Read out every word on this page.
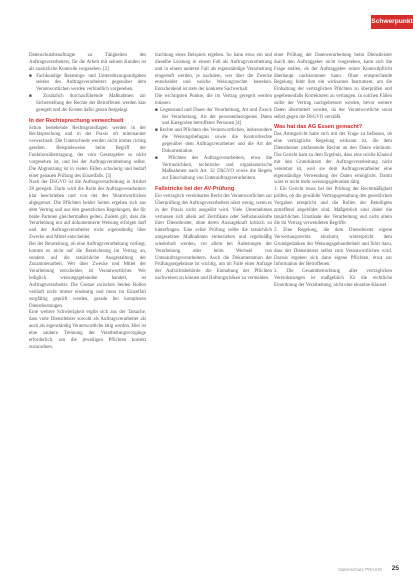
Schwerpunkt

Datenschutzbeauftragte zu Tätigkeiten des Auftragsverarbeiters, für die Arbeit mit seinem Kunden ist als zusätzliche Kontrolle vorgesehen. [2]

■ Fachkundige Beratungs- und Unterstützungsaufgaben seitens des Auftragsverarbeiters gegenüber dem Verantwortlichen werden verbindlich vorgesehen.

■ Zusätzlich durchzuführende Maßnahmen zur Sicherstellung der Rechte der Betroffenen werden klar geregelt und die Kosten dafür genau festgelegt.

In der Rechtsprechung verwechselt

Schon bestehende Rechtsgrundlagen werden in der Rechtsprechung und in der Praxis oft miteinander verwechselt. Die Unterschiede werden nicht immer richtig gesehen. Beispielsweise beim Begriff der Funktionsübertragung, der vom Gesetzgeber so nicht vorgesehen ist, und bei der Auftragsverarbeitung selbst. Die Abgrenzung ist in vielen Fällen schwierig und bedarf einer genauen Prüfung des Einzelfalls. [3]

Nach der DSGVO ist die Auftragsverarbeitung in Artikel 28 geregelt. Darin wird die Rolle des Auftragsverarbeiters klar beschrieben und von der des Verantwortlichen abgegrenzt. Die Pflichten beider Seiten ergeben sich aus dem Vertrag und aus den gesetzlichen Regelungen, die für beide Parteien gleichermaßen gelten. Zudem gilt, dass die Verarbeitung nur auf dokumentierte Weisung erfolgen darf und der Auftragsverarbeiter nicht eigenständig über Zwecke und Mittel entscheidet.

Bei der Beurteilung, ob eine Auftragsverarbeitung vorliegt, kommt es nicht auf die Bezeichnung im Vertrag an, sondern auf die tatsächliche Ausgestaltung der Zusammenarbeit. Wer über Zwecke und Mittel der Verarbeitung entscheidet, ist Verantwortlicher. Wer lediglich weisungsgebunden handelt, ist Auftragsverarbeiter. Die Grenze zwischen beiden Rollen verläuft nicht immer eindeutig und muss im Einzelfall sorgfältig geprüft werden, gerade bei komplexen Dienstleistungen.

Eine weitere Schwierigkeit ergibt sich aus der Tatsache, dass viele Dienstleister sowohl als Auftragsverarbeiter als auch als eigenständig Verantwortliche tätig werden. Hier ist eine saubere Trennung der Verarbeitungsvorgänge erforderlich, um die jeweiligen Pflichten korrekt zuzuordnen.

trachtung eines Beispiels ergeben. So kann etwa ein und dieselbe Leistung in einem Fall als Auftragsverarbeitung und in einem anderen Fall als eigenständige Verarbeitung eingestuft werden, je nachdem, wer über die Zwecke entscheidet und welche Weisungsrechte bestehen. Entscheidend ist stets der konkrete Sachverhalt.

Die wichtigsten Punkte, die im Vertrag geregelt werden müssen:

■ Gegenstand und Dauer der Verarbeitung, Art und Zweck der Verarbeitung, Art der personenbezogenen Daten und Kategorien betroffener Personen [4]

■ Rechte und Pflichten des Verantwortlichen, insbesondere die Weisungsbefugnis sowie die Kontrollrechte gegenüber dem Auftragsverarbeiter und die Art der Dokumentation

■ Pflichten des Auftragsverarbeiters, etwa die Vertraulichkeit, technische und organisatorische Maßnahmen nach Art. 32 DSGVO sowie die Regeln zur Einschaltung von Unterauftragsverarbeitern.

Fallstricke bei der AV-Prüfung

Ein vertraglich vereinbartes Recht des Verantwortlichen zur Überprüfung des Auftragsverarbeiters nützt wenig, wenn es in der Praxis nicht ausgeübt wird. Viele Unternehmen verlassen sich allein auf Zertifikate oder Selbstauskünfte ihrer Dienstleister, ohne deren Aussagekraft kritisch zu hinterfragen. Eine echte Prüfung sollte die tatsächlich umgesetzten Maßnahmen einbeziehen und regelmäßig wiederholt werden, vor allem bei Änderungen der Verarbeitung oder beim Wechsel von Unterauftragsverarbeitern. Auch die Dokumentation der Prüfungsergebnisse ist wichtig, um im Falle einer Anfrage der Aufsichtsbehörde die Einhaltung der Pflichten nachweisen zu können und Haftungsrisiken zu vermeiden.

einer Prüfung der Datenverarbeitung beim Dienstleister durch den Auftraggeber nicht vorgesehen, kann sich die Frage stellen, ob der Auftraggeber seiner Kontrollpflicht überhaupt nachkommen kann. Ohne entsprechende Regelung fehlt ihm ein wirksames Instrument, um die Einhaltung der vertraglichen Pflichten zu überprüfen und gegebenenfalls Korrekturen zu verlangen. In solchen Fällen sollte der Vertrag nachgebessert werden, bevor weitere Daten übermittelt werden, da der Verantwortliche sonst selbst gegen die DSGVO verstößt.

Was hat das AG Essen gemacht?

Das Amtsgericht hatte sich mit der Frage zu befassen, ob eine vertragliche Regelung wirksam ist, die dem Dienstleister umfassende Rechte an den Daten einräumt. Das Gericht kam zu dem Ergebnis, dass eine solche Klausul mit den Grundsätzen der Auftragsverarbeitung nicht vereinbar ist, weil sie dem Auftragsverarbeiter eine eigenständige Verwendung der Daten ermöglicht. Damit wäre er nicht mehr weisungsgebunden tätig.

1. Ein Gericht muss bei der Prüfung der Rechtmäßigkeit prüfen, ob die gewählte Vertragsgestaltung den gesetzlichen Vorgaben entspricht und die Rollen der Beteiligten zutreffend abgebildet sind. Maßgeblich sind dabei die tatsächlichen Umstände der Verarbeitung und nicht allein die im Vertrag verwendeten Begriffe.

2. Eine Regelung, die dem Dienstleister eigene Verwertungsrechte einräumt, widerspricht dem Grundgedanken der Weisungsgebundenheit und führt dazu, dass der Dienstleister selbst zum Verantwortlichen wird. Daraus ergeben sich dann eigene Pflichten, etwa zur Information der Betroffenen.

3. Die Gesamtbetrachtung aller vertraglichen Vereinbarungen ist maßgeblich für die rechtliche Einordnung der Verarbeitung, nicht eine einzelne Klausel.

Datenschutz PRAXIS 25
